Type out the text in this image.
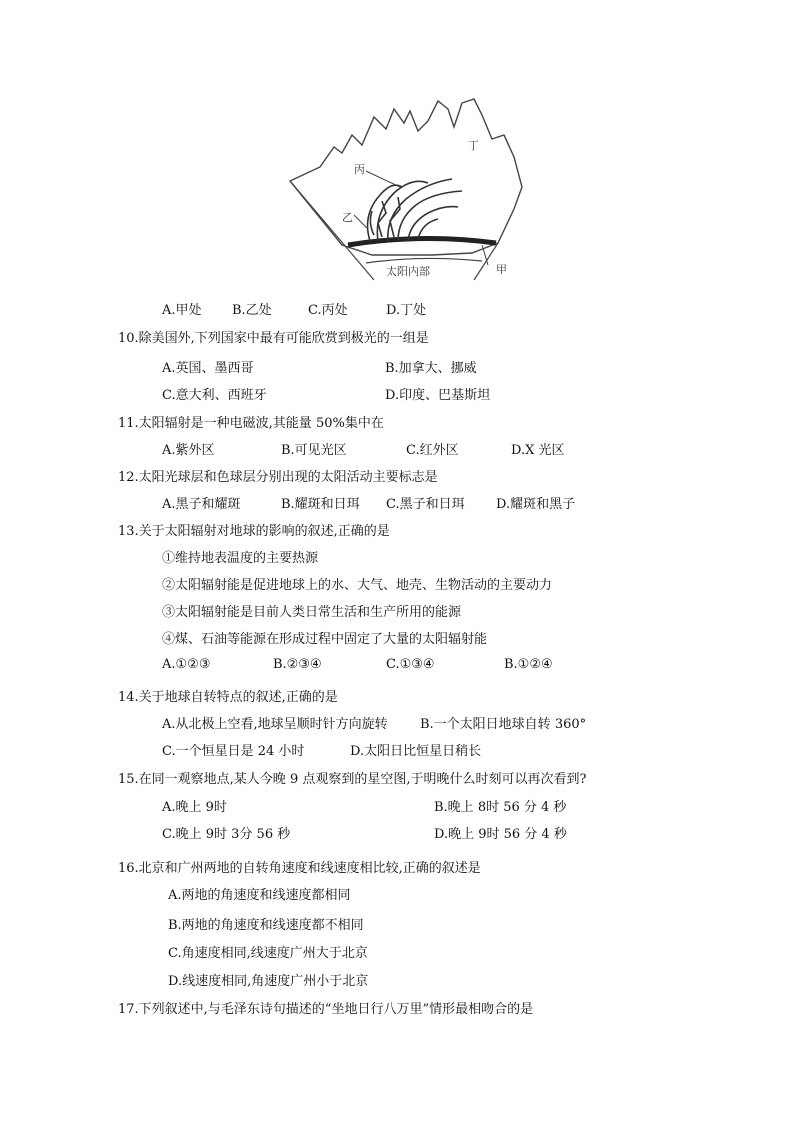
丙
乙
丁
甲
太阳内部
A.甲处 B.乙处	C.丙处	D.丁处
10.除美国外,下列国家中最有可能欣赏到极光的一组是
A.英国、墨西哥	B.加拿大、挪威
C.意大利、西班牙	D.印度、巴基斯坦
11.太阳辐射是一种电磁波,其能量 50%集中在
A.紫外区	B.可见光区	C.红外区	D.X 光区
12.太阳光球层和色球层分别出现的太阳活动主要标志是
A.黑子和耀斑	B.耀斑和日珥 C.黑子和日珥 D.耀斑和黑子
13.关于太阳辐射对地球的影响的叙述,正确的是
①维持地表温度的主要热源
②太阳辐射能是促进地球上的水、大气、地壳、生物活动的主要动力
③太阳辐射能是目前人类日常生活和生产所用的能源
④煤、石油等能源在形成过程中固定了大量的太阳辐射能
A.①②③	B.②③④	C.①③④	B.①②④
14.关于地球自转特点的叙述,正确的是
A.从北极上空看,地球呈顺时针方向旋转 B.一个太阳日地球自转 360°
C.一个恒星日是 24 小时	D.太阳日比恒星日稍长
15.在同一观察地点,某人今晚 9 点观察到的星空图,于明晚什么时刻可以再次看到?
A.晚上 9时	B.晚上 8时 56 分 4 秒
C.晚上 9时 3分 56 秒	D.晚上 9时 56 分 4 秒
16.北京和广州两地的自转角速度和线速度相比较,正确的叙述是
A.两地的角速度和线速度都相同
B.两地的角速度和线速度都不相同
C.角速度相同,线速度广州大于北京
D.线速度相同,角速度广州小于北京
17.下列叙述中,与毛泽东诗句描述的“坐地日行八万里”情形最相吻合的是
